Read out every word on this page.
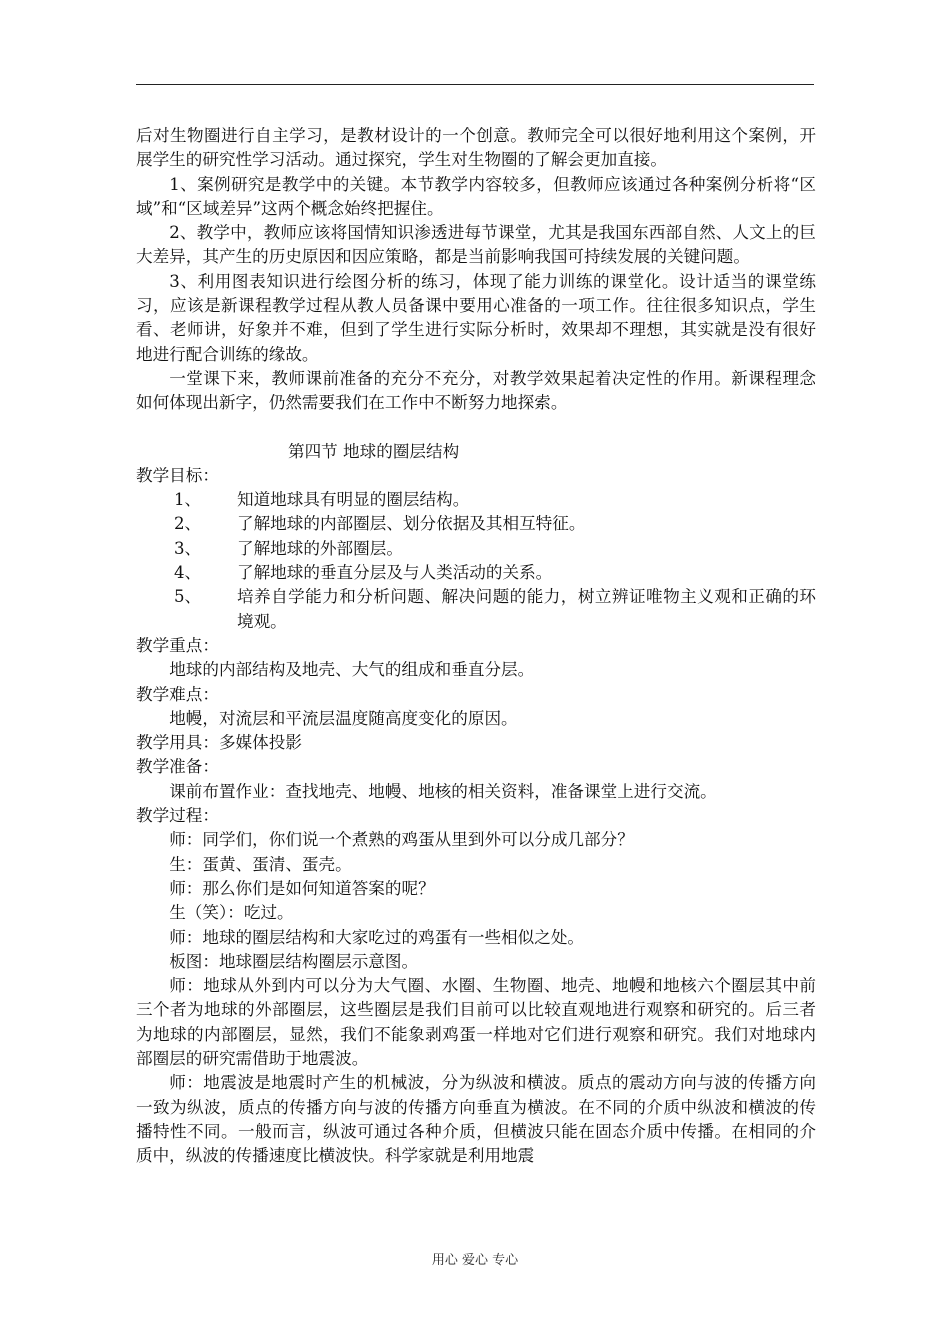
后对生物圈进行自主学习，是教材设计的一个创意。教师完全可以很好地利用这个案例，开展学生的研究性学习活动。通过探究，学生对生物圈的了解会更加直接。

1、案例研究是教学中的关键。本节教学内容较多，但教师应该通过各种案例分析将“区域”和“区域差异”这两个概念始终把握住。

2、教学中，教师应该将国情知识渗透进每节课堂，尤其是我国东西部自然、人文上的巨大差异，其产生的历史原因和因应策略，都是当前影响我国可持续发展的关键问题。

3、利用图表知识进行绘图分析的练习，体现了能力训练的课堂化。设计适当的课堂练习，应该是新课程教学过程从教人员备课中要用心准备的一项工作。往往很多知识点，学生看、老师讲，好象并不难，但到了学生进行实际分析时，效果却不理想，其实就是没有很好地进行配合训练的缘故。

一堂课下来，教师课前准备的充分不充分，对教学效果起着决定性的作用。新课程理念如何体现出新字，仍然需要我们在工作中不断努力地探索。

第四节 地球的圈层结构

教学目标：

1、 知道地球具有明显的圈层结构。

2、 了解地球的内部圈层、划分依据及其相互特征。

3、 了解地球的外部圈层。

4、 了解地球的垂直分层及与人类活动的关系。

5、 培养自学能力和分析问题、解决问题的能力，树立辨证唯物主义观和正确的环境观。

教学重点：

地球的内部结构及地壳、大气的组成和垂直分层。

教学难点：

地幔，对流层和平流层温度随高度变化的原因。

教学用具：多媒体投影

教学准备：

课前布置作业：查找地壳、地幔、地核的相关资料，准备课堂上进行交流。

教学过程：

师：同学们，你们说一个煮熟的鸡蛋从里到外可以分成几部分？

生：蛋黄、蛋清、蛋壳。

师：那么你们是如何知道答案的呢？

生（笑）：吃过。

师：地球的圈层结构和大家吃过的鸡蛋有一些相似之处。

板图：地球圈层结构圈层示意图。

师：地球从外到内可以分为大气圈、水圈、生物圈、地壳、地幔和地核六个圈层其中前三个者为地球的外部圈层，这些圈层是我们目前可以比较直观地进行观察和研究的。后三者为地球的内部圈层，显然，我们不能象剥鸡蛋一样地对它们进行观察和研究。我们对地球内部圈层的研究需借助于地震波。

师：地震波是地震时产生的机械波，分为纵波和横波。质点的震动方向与波的传播方向一致为纵波，质点的传播方向与波的传播方向垂直为横波。在不同的介质中纵波和横波的传播特性不同。一般而言，纵波可通过各种介质，但横波只能在固态介质中传播。在相同的介质中，纵波的传播速度比横波快。科学家就是利用地震

用心 爱心 专心
